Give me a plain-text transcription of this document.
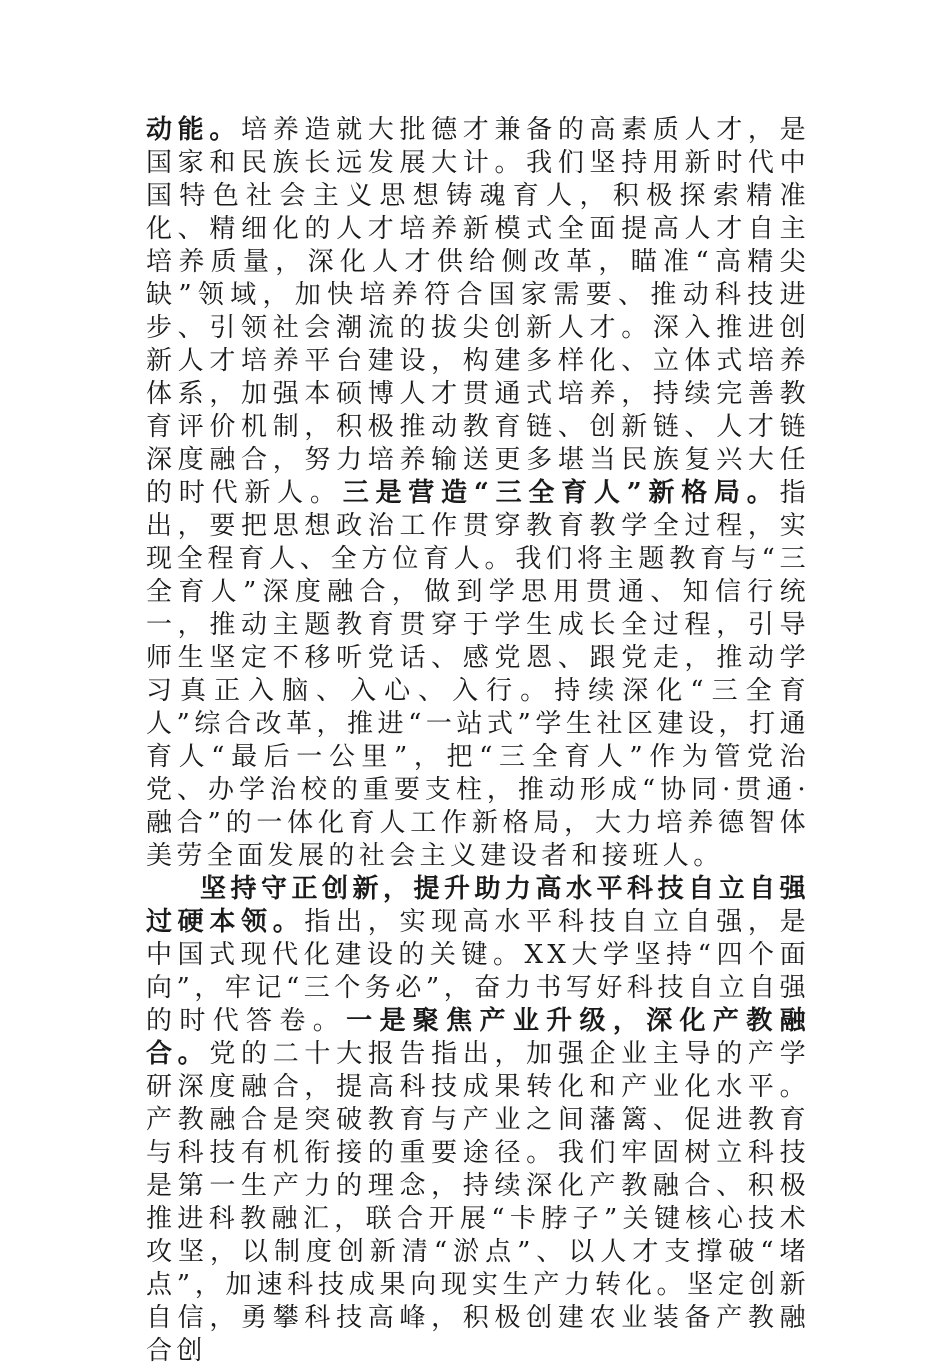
动能。培养造就大批德才兼备的高素质人才，是国家和民族长远发展大计。我们坚持用新时代中国特色社会主义思想铸魂育人，积极探索精准化、精细化的人才培养新模式全面提高人才自主培养质量，深化人才供给侧改革，瞄准“高精尖缺”领域，加快培养符合国家需要、推动科技进步、引领社会潮流的拔尖创新人才。深入推进创新人才培养平台建设，构建多样化、立体式培养体系，加强本硕博人才贯通式培养，持续完善教育评价机制，积极推动教育链、创新链、人才链深度融合，努力培养输送更多堪当民族复兴大任的时代新人。三是营造“三全育人”新格局。指出，要把思想政治工作贯穿教育教学全过程，实现全程育人、全方位育人。我们将主题教育与“三全育人”深度融合，做到学思用贯通、知信行统一，推动主题教育贯穿于学生成长全过程，引导师生坚定不移听党话、感党恩、跟党走，推动学习真正入脑、入心、入行。持续深化“三全育人”综合改革，推进“一站式”学生社区建设，打通育人“最后一公里”，把“三全育人”作为管党治党、办学治校的重要支柱，推动形成“协同·贯通·融合”的一体化育人工作新格局，大力培养德智体美劳全面发展的社会主义建设者和接班人。

坚持守正创新，提升助力高水平科技自立自强过硬本领。指出，实现高水平科技自立自强，是中国式现代化建设的关键。XX大学坚持“四个面向”，牢记“三个务必”，奋力书写好科技自立自强的时代答卷。一是聚焦产业升级，深化产教融合。党的二十大报告指出，加强企业主导的产学研深度融合，提高科技成果转化和产业化水平。产教融合是突破教育与产业之间藩篱、促进教育与科技有机衔接的重要途径。我们牢固树立科技是第一生产力的理念，持续深化产教融合、积极推进科教融汇，联合开展“卡脖子”关键核心技术攻坚，以制度创新清“淤点”、以人才支撑破“堵点”，加速科技成果向现实生产力转化。坚定创新自信，勇攀科技高峰，积极创建农业装备产教融合创
